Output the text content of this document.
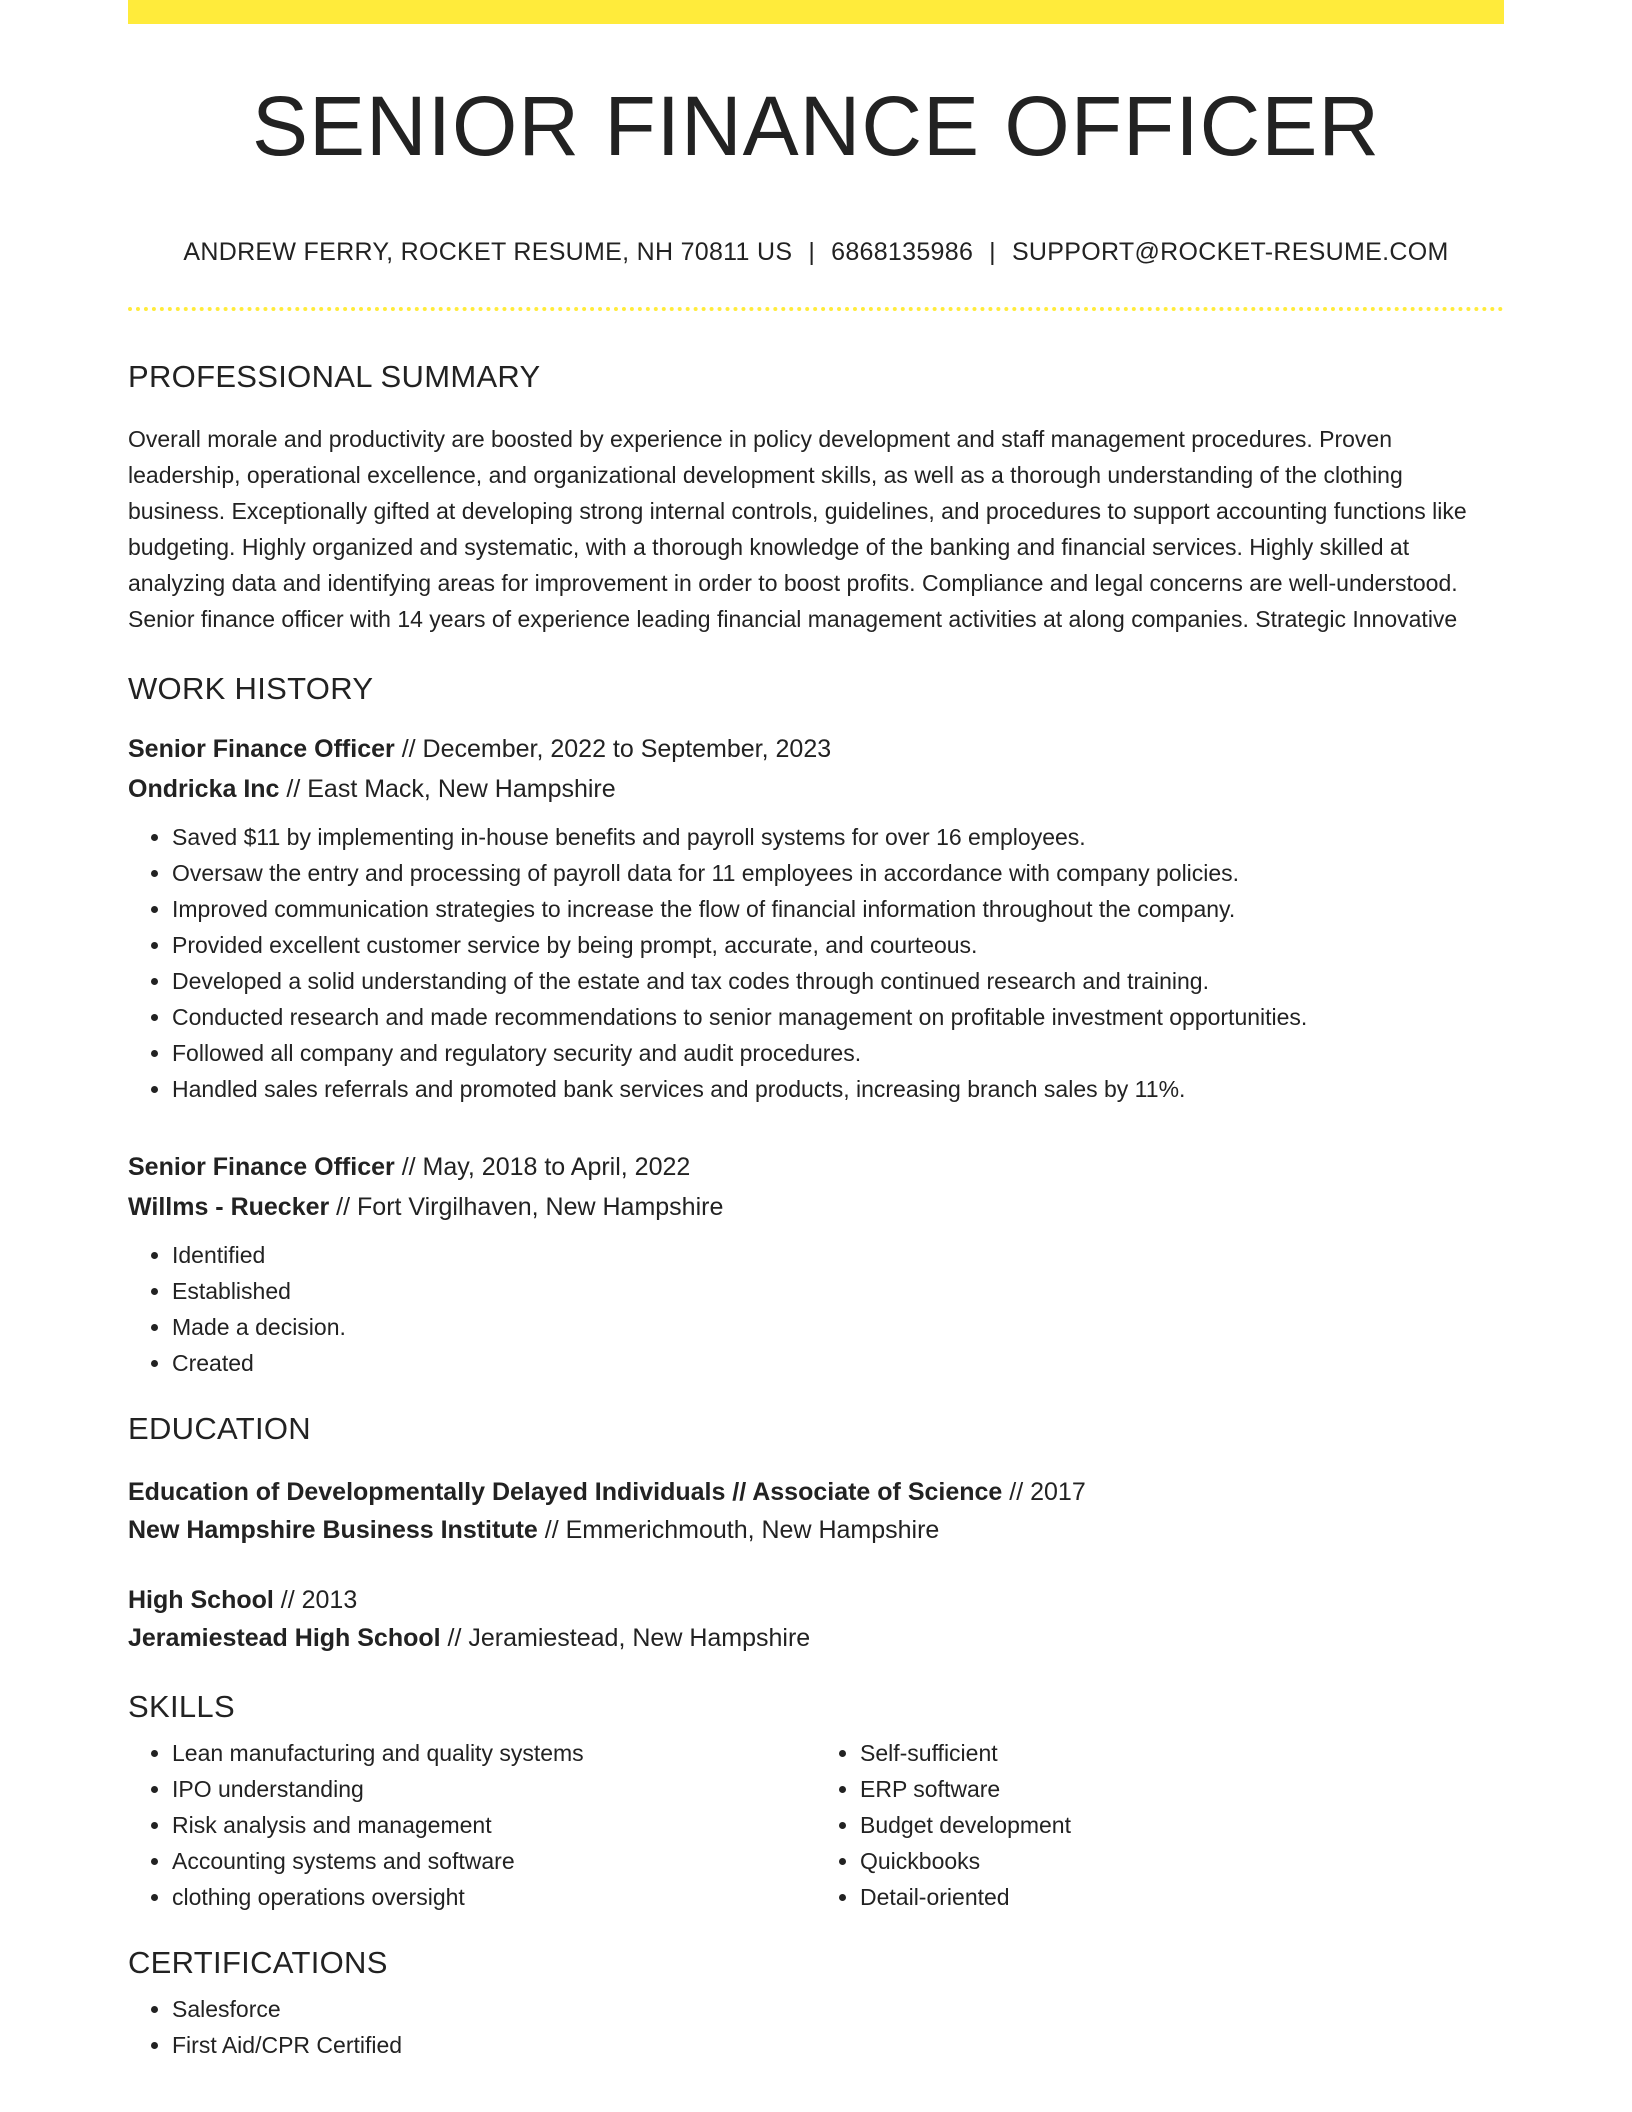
SENIOR FINANCE OFFICER
ANDREW FERRY, ROCKET RESUME, NH 70811 US | 6868135986 | SUPPORT@ROCKET-RESUME.COM
PROFESSIONAL SUMMARY

Overall morale and productivity are boosted by experience in policy development and staff management procedures. Proven leadership, operational excellence, and organizational development skills, as well as a thorough understanding of the clothing business. Exceptionally gifted at developing strong internal controls, guidelines, and procedures to support accounting functions like budgeting. Highly organized and systematic, with a thorough knowledge of the banking and financial services. Highly skilled at analyzing data and identifying areas for improvement in order to boost profits. Compliance and legal concerns are well-understood. Senior finance officer with 14 years of experience leading financial management activities at along companies. Strategic Innovative

WORK HISTORY
Senior Finance Officer // December, 2022 to September, 2023
Ondricka Inc // East Mack, New Hampshire
• Saved $11 by implementing in-house benefits and payroll systems for over 16 employees.
• Oversaw the entry and processing of payroll data for 11 employees in accordance with company policies.
• Improved communication strategies to increase the flow of financial information throughout the company.
• Provided excellent customer service by being prompt, accurate, and courteous.
• Developed a solid understanding of the estate and tax codes through continued research and training.
• Conducted research and made recommendations to senior management on profitable investment opportunities.
• Followed all company and regulatory security and audit procedures.
• Handled sales referrals and promoted bank services and products, increasing branch sales by 11%.
Senior Finance Officer // May, 2018 to April, 2022
Willms - Ruecker // Fort Virgilhaven, New Hampshire
• Identified
• Established
• Made a decision.
• Created
EDUCATION
Education of Developmentally Delayed Individuals // Associate of Science // 2017
New Hampshire Business Institute // Emmerichmouth, New Hampshire
High School // 2013
Jeramiestead High School // Jeramiestead, New Hampshire
SKILLS
• Lean manufacturing and quality systems
• IPO understanding
• Risk analysis and management
• Accounting systems and software
• clothing operations oversight
• Self-sufficient
• ERP software
• Budget development
• Quickbooks
• Detail-oriented
CERTIFICATIONS
• Salesforce
• First Aid/CPR Certified
